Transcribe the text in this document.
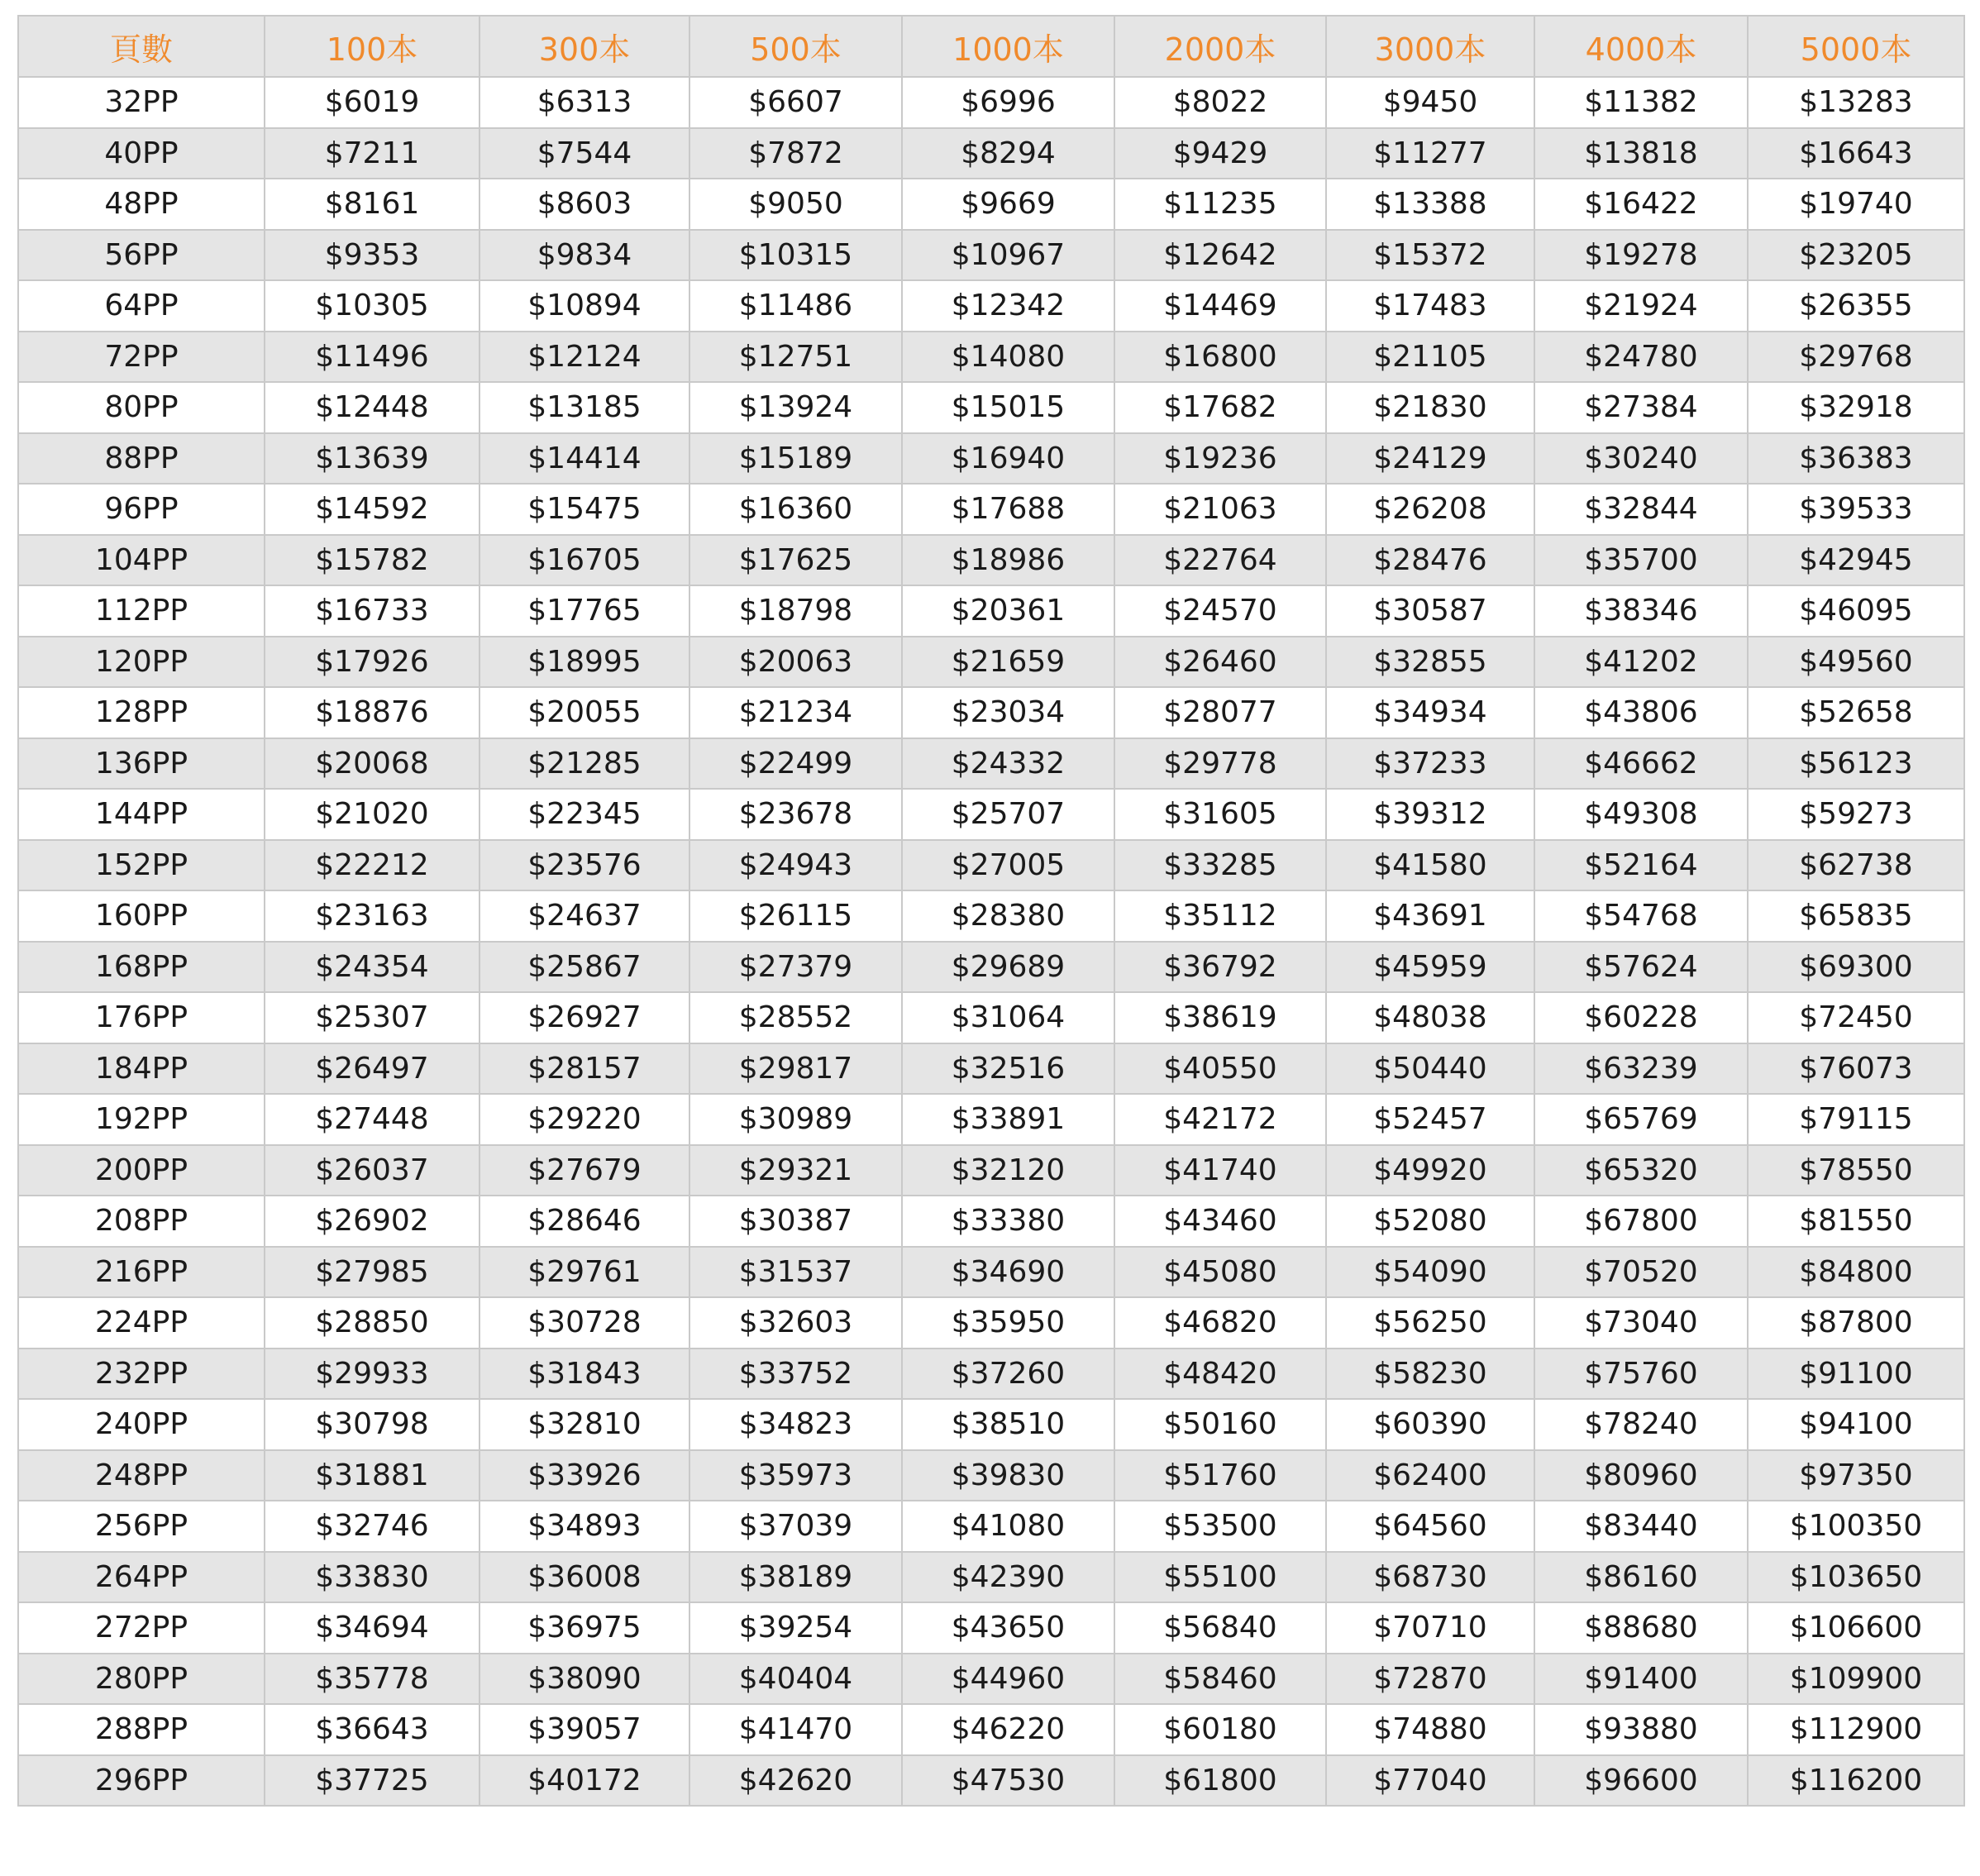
頁數	100本	300本	500本	1000本	2000本	3000本	4000本	5000本
32PP	$6019	$6313	$6607	$6996	$8022	$9450	$11382	$13283
40PP	$7211	$7544	$7872	$8294	$9429	$11277	$13818	$16643
48PP	$8161	$8603	$9050	$9669	$11235	$13388	$16422	$19740
56PP	$9353	$9834	$10315	$10967	$12642	$15372	$19278	$23205
64PP	$10305	$10894	$11486	$12342	$14469	$17483	$21924	$26355
72PP	$11496	$12124	$12751	$14080	$16800	$21105	$24780	$29768
80PP	$12448	$13185	$13924	$15015	$17682	$21830	$27384	$32918
88PP	$13639	$14414	$15189	$16940	$19236	$24129	$30240	$36383
96PP	$14592	$15475	$16360	$17688	$21063	$26208	$32844	$39533
104PP	$15782	$16705	$17625	$18986	$22764	$28476	$35700	$42945
112PP	$16733	$17765	$18798	$20361	$24570	$30587	$38346	$46095
120PP	$17926	$18995	$20063	$21659	$26460	$32855	$41202	$49560
128PP	$18876	$20055	$21234	$23034	$28077	$34934	$43806	$52658
136PP	$20068	$21285	$22499	$24332	$29778	$37233	$46662	$56123
144PP	$21020	$22345	$23678	$25707	$31605	$39312	$49308	$59273
152PP	$22212	$23576	$24943	$27005	$33285	$41580	$52164	$62738
160PP	$23163	$24637	$26115	$28380	$35112	$43691	$54768	$65835
168PP	$24354	$25867	$27379	$29689	$36792	$45959	$57624	$69300
176PP	$25307	$26927	$28552	$31064	$38619	$48038	$60228	$72450
184PP	$26497	$28157	$29817	$32516	$40550	$50440	$63239	$76073
192PP	$27448	$29220	$30989	$33891	$42172	$52457	$65769	$79115
200PP	$26037	$27679	$29321	$32120	$41740	$49920	$65320	$78550
208PP	$26902	$28646	$30387	$33380	$43460	$52080	$67800	$81550
216PP	$27985	$29761	$31537	$34690	$45080	$54090	$70520	$84800
224PP	$28850	$30728	$32603	$35950	$46820	$56250	$73040	$87800
232PP	$29933	$31843	$33752	$37260	$48420	$58230	$75760	$91100
240PP	$30798	$32810	$34823	$38510	$50160	$60390	$78240	$94100
248PP	$31881	$33926	$35973	$39830	$51760	$62400	$80960	$97350
256PP	$32746	$34893	$37039	$41080	$53500	$64560	$83440	$100350
264PP	$33830	$36008	$38189	$42390	$55100	$68730	$86160	$103650
272PP	$34694	$36975	$39254	$43650	$56840	$70710	$88680	$106600
280PP	$35778	$38090	$40404	$44960	$58460	$72870	$91400	$109900
288PP	$36643	$39057	$41470	$46220	$60180	$74880	$93880	$112900
296PP	$37725	$40172	$42620	$47530	$61800	$77040	$96600	$116200
